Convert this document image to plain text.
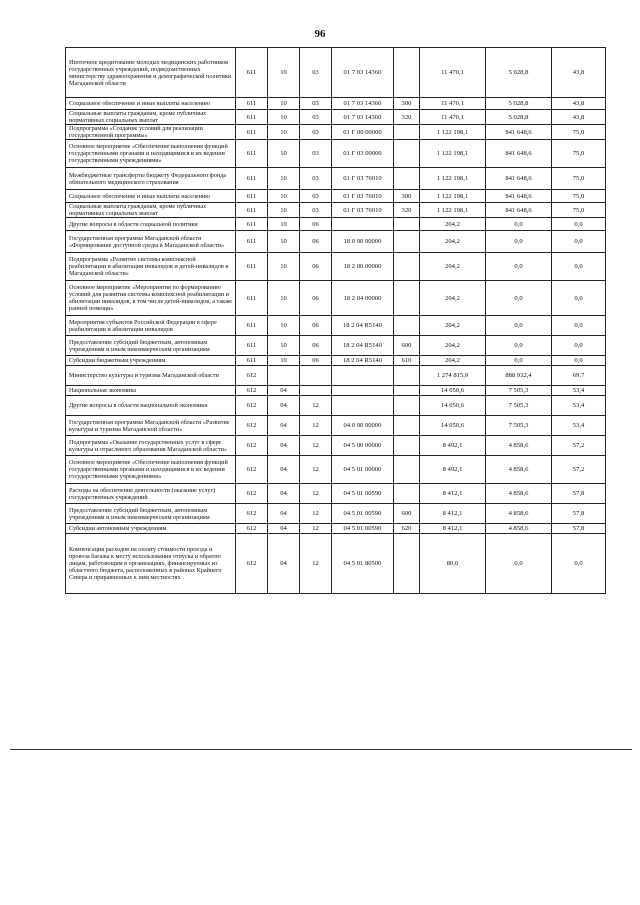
96
Ипотечное кредитование молодых медицинских работников государственных учреждений, подведомственных министерству здравоохранения и демографической политики Магаданской области	611	10	03	01 7 03 14360		11 470,1	5 028,8	43,8
Социальное обеспечение и иные выплаты населению	611	10	03	01 7 03 14360	300	11 470,1	5 028,8	43,8
Социальные выплаты гражданам, кроме публичных нормативных социальных выплат	611	10	03	01 7 03 14360	320	11 470,1	5 028,8	43,8
Подпрограмма «Создание условий для реализации государственной программы»	611	10	03	01 Г 00 00000		1 122 198,1	841 648,6	75,0
Основное мероприятие «Обеспечение выполнения функций государственными органами и находящимися в их ведении государственными учреждениями»	611	10	03	01 Г 03 00000		1 122 198,1	841 648,6	75,0
Межбюджетные трансферты бюджету Федерального фонда обязательного медицинского страхования	611	10	03	01 Г 03 76010		1 122 198,1	841 648,6	75,0
Социальное обеспечение и иные выплаты населению	611	10	03	01 Г 03 76010	300	1 122 198,1	841 648,6	75,0
Социальные выплаты гражданам, кроме публичных нормативных социальных выплат	611	10	03	01 Г 03 76010	320	1 122 198,1	841 648,6	75,0
Другие вопросы в области социальной политики	611	10	06			204,2	0,0	0,0
Государственная программа Магаданской области «Формирование доступной среды в Магаданской области»	611	10	06	18 0 00 00000		204,2	0,0	0,0
Подпрограмма «Развитие системы комплексной реабилитации и абилитации инвалидов и детей-инвалидов в Магаданской области»	611	10	06	18 2 00 00000		204,2	0,0	0,0
Основное мероприятие «Мероприятия по формированию условий для развития системы комплексной реабилитации и абилитации инвалидов, в том числе детей-инвалидов, а также ранней помощи»	611	10	06	18 2 04 00000		204,2	0,0	0,0
Мероприятия субъектов Российской Федерации в сфере реабилитации и абилитации инвалидов	611	10	06	18 2 04 R5140		204,2	0,0	0,0
Предоставление субсидий бюджетным, автономным учреждениям и иным некоммерческим организациям	611	10	06	18 2 04 R5140	600	204,2	0,0	0,0
Субсидии бюджетным учреждениям	611	10	06	18 2 04 R5140	610	204,2	0,0	0,0
Министерство культуры и туризма Магаданской области	612					1 274 815,9	888 932,4	69,7
Национальная экономика	612	04				14 050,6	7 505,3	53,4
Другие вопросы в области национальной экономики	612	04	12			14 050,6	7 505,3	53,4
Государственная программа Магаданской области «Развитие культуры и туризма Магаданской области»	612	04	12	04 0 00 00000		14 050,6	7 505,3	53,4
Подпрограмма «Оказание государственных услуг в сфере культуры и отраслевого образования Магаданской области»	612	04	12	04 5 00 00000		8 492,1	4 858,6	57,2
Основное мероприятие «Обеспечение выполнения функций государственными органами и находящимися в их ведении государственными учреждениями»	612	04	12	04 5 01 00000		8 492,1	4 858,6	57,2
Расходы на обеспечение деятельности (оказание услуг) государственных учреждений	612	04	12	04 5 01 00590		8 412,1	4 858,6	57,8
Предоставление субсидий бюджетным, автономным учреждениям и иным некоммерческим организациям	612	04	12	04 5 01 00590	600	8 412,1	4 858,6	57,8
Субсидии автономным учреждениям	612	04	12	04 5 01 00590	620	8 412,1	4 858,6	57,8
Компенсация расходов на оплату стоимости проезда и провоза багажа к месту использования отпуска и обратно лицам, работающим в организациях, финансируемых из областного бюджета, расположенных в районах Крайнего Севера и приравненных к ним местностях	612	04	12	04 5 01 80500		80,0	0,0	0,0
